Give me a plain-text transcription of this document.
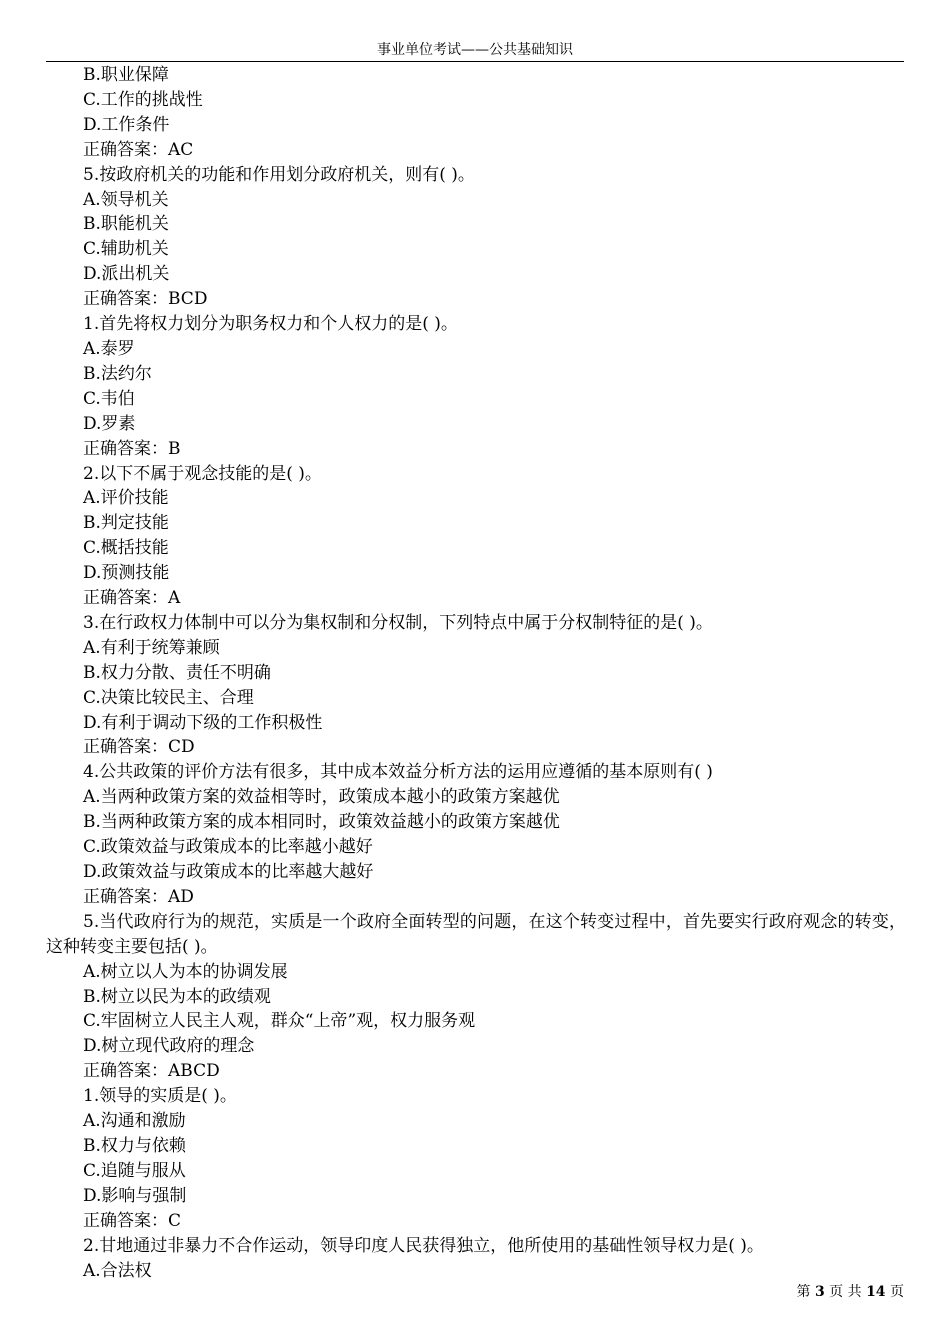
事业单位考试——公共基础知识
B.职业保障
C.工作的挑战性
D.工作条件
正确答案：AC
5.按政府机关的功能和作用划分政府机关，则有( )。
A.领导机关
B.职能机关
C.辅助机关
D.派出机关
正确答案：BCD
1.首先将权力划分为职务权力和个人权力的是( )。
A.泰罗
B.法约尔
C.韦伯
D.罗素
正确答案：B
2.以下不属于观念技能的是( )。
A.评价技能
B.判定技能
C.概括技能
D.预测技能
正确答案：A
3.在行政权力体制中可以分为集权制和分权制，下列特点中属于分权制特征的是( )。
A.有利于统筹兼顾
B.权力分散、责任不明确
C.决策比较民主、合理
D.有利于调动下级的工作积极性
正确答案：CD
4.公共政策的评价方法有很多，其中成本效益分析方法的运用应遵循的基本原则有( )
A.当两种政策方案的效益相等时，政策成本越小的政策方案越优
B.当两种政策方案的成本相同时，政策效益越小的政策方案越优
C.政策效益与政策成本的比率越小越好
D.政策效益与政策成本的比率越大越好
正确答案：AD
5.当代政府行为的规范，实质是一个政府全面转型的问题，在这个转变过程中，首先要实行政府观念的转变，这种转变主要包括( )。
A.树立以人为本的协调发展
B.树立以民为本的政绩观
C.牢固树立人民主人观，群众“上帝”观，权力服务观
D.树立现代政府的理念
正确答案：ABCD
1.领导的实质是( )。
A.沟通和激励
B.权力与依赖
C.追随与服从
D.影响与强制
正确答案：C
2.甘地通过非暴力不合作运动，领导印度人民获得独立，他所使用的基础性领导权力是( )。
A.合法权
第 3 页 共 14 页
